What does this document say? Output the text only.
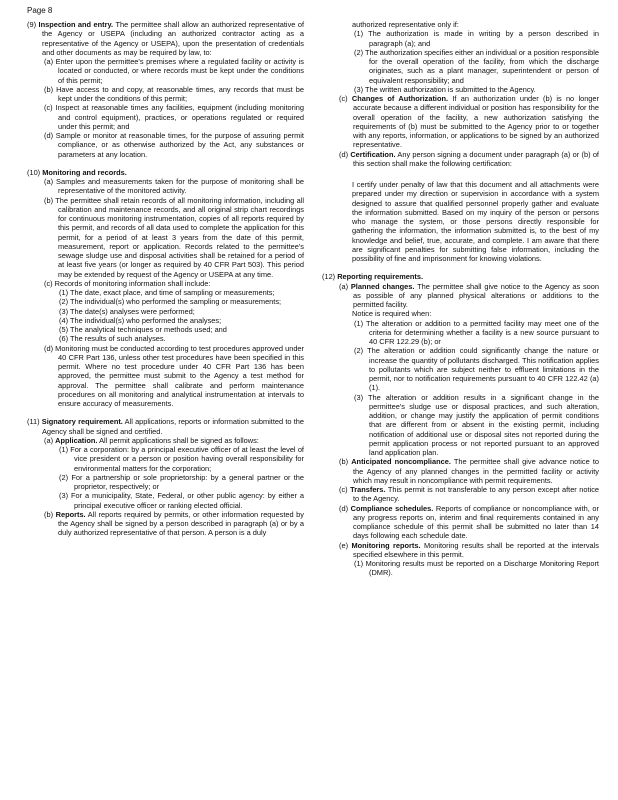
Page 8

(9) Inspection and entry. The permittee shall allow an authorized representative of the Agency or USEPA (including an authorized contractor acting as a representative of the Agency or USEPA), upon the presentation of credentials and other documents as may be required by law, to:

(a) Enter upon the permittee's premises where a regulated facility or activity is located or conducted, or where records must be kept under the conditions of this permit;

(b) Have access to and copy, at reasonable times, any records that must be kept under the conditions of this permit;

(c) Inspect at reasonable times any facilities, equipment (including monitoring and control equipment), practices, or operations regulated or required under this permit; and

(d) Sample or monitor at reasonable times, for the purpose of assuring permit compliance, or as otherwise authorized by the Act, any substances or parameters at any location.

(10) Monitoring and records.

(a) Samples and measurements taken for the purpose of monitoring shall be representative of the monitored activity.

(b) The permittee shall retain records of all monitoring information, including all calibration and maintenance records, and all original strip chart recordings for continuous monitoring instrumentation, copies of all reports required by this permit, and records of all data used to complete the application for this permit, for a period of at least 3 years from the date of this permit, measurement, report or application. Records related to the permittee's sewage sludge use and disposal activities shall be retained for a period of at least five years (or longer as required by 40 CFR Part 503). This period may be extended by request of the Agency or USEPA at any time.

(c) Records of monitoring information shall include:

(1) The date, exact place, and time of sampling or measurements;

(2) The individual(s) who performed the sampling or measurements;

(3) The date(s) analyses were performed;

(4) The individual(s) who performed the analyses;

(5) The analytical techniques or methods used; and

(6) The results of such analyses.

(d) Monitoring must be conducted according to test procedures approved under 40 CFR Part 136, unless other test procedures have been specified in this permit. Where no test procedure under 40 CFR Part 136 has been approved, the permittee must submit to the Agency a test method for approval. The permittee shall calibrate and perform maintenance procedures on all monitoring and analytical instrumentation at intervals to ensure accuracy of measurements.

(11) Signatory requirement. All applications, reports or information submitted to the Agency shall be signed and certified.

(a) Application. All permit applications shall be signed as follows:

(1) For a corporation: by a principal executive officer of at least the level of vice president or a person or position having overall responsibility for environmental matters for the corporation;

(2) For a partnership or sole proprietorship: by a general partner or the proprietor, respectively; or

(3) For a municipality, State, Federal, or other public agency: by either a principal executive officer or ranking elected official.

(b) Reports. All reports required by permits, or other information requested by the Agency shall be signed by a person described in paragraph (a) or by a duly authorized representative of that person. A person is a duly

authorized representative only if:

(1) The authorization is made in writing by a person described in paragraph (a); and

(2) The authorization specifies either an individual or a position responsible for the overall operation of the facility, from which the discharge originates, such as a plant manager, superintendent or person of equivalent responsibility; and

(3) The written authorization is submitted to the Agency.

(c) Changes of Authorization. If an authorization under (b) is no longer accurate because a different individual or position has responsibility for the overall operation of the facility, a new authorization satisfying the requirements of (b) must be submitted to the Agency prior to or together with any reports, information, or applications to be signed by an authorized representative.

(d) Certification. Any person signing a document under paragraph (a) or (b) of this section shall make the following certification:

I certify under penalty of law that this document and all attachments were prepared under my direction or supervision in accordance with a system designed to assure that qualified personnel properly gather and evaluate the information submitted. Based on my inquiry of the person or persons who manage the system, or those persons directly responsible for gathering the information, the information submitted is, to the best of my knowledge and belief, true, accurate, and complete. I am aware that there are significant penalties for submitting false information, including the possibility of fine and imprisonment for knowing violations.

(12) Reporting requirements.

(a) Planned changes. The permittee shall give notice to the Agency as soon as possible of any planned physical alterations or additions to the permitted facility.

Notice is required when:

(1) The alteration or addition to a permitted facility may meet one of the criteria for determining whether a facility is a new source pursuant to 40 CFR 122.29 (b); or

(2) The alteration or addition could significantly change the nature or increase the quantity of pollutants discharged. This notification applies to pollutants which are subject neither to effluent limitations in the permit, nor to notification requirements pursuant to 40 CFR 122.42 (a)(1).

(3) The alteration or addition results in a significant change in the permittee's sludge use or disposal practices, and such alteration, addition, or change may justify the application of permit conditions that are different from or absent in the existing permit, including notification of additional use or disposal sites not reported during the permit application process or not reported pursuant to an approved land application plan.

(b) Anticipated noncompliance. The permittee shall give advance notice to the Agency of any planned changes in the permitted facility or activity which may result in noncompliance with permit requirements.

(c) Transfers. This permit is not transferable to any person except after notice to the Agency.

(d) Compliance schedules. Reports of compliance or noncompliance with, or any progress reports on, interim and final requirements contained in any compliance schedule of this permit shall be submitted no later than 14 days following each schedule date.

(e) Monitoring reports. Monitoring results shall be reported at the intervals specified elsewhere in this permit.

(1) Monitoring results must be reported on a Discharge Monitoring Report (DMR).
